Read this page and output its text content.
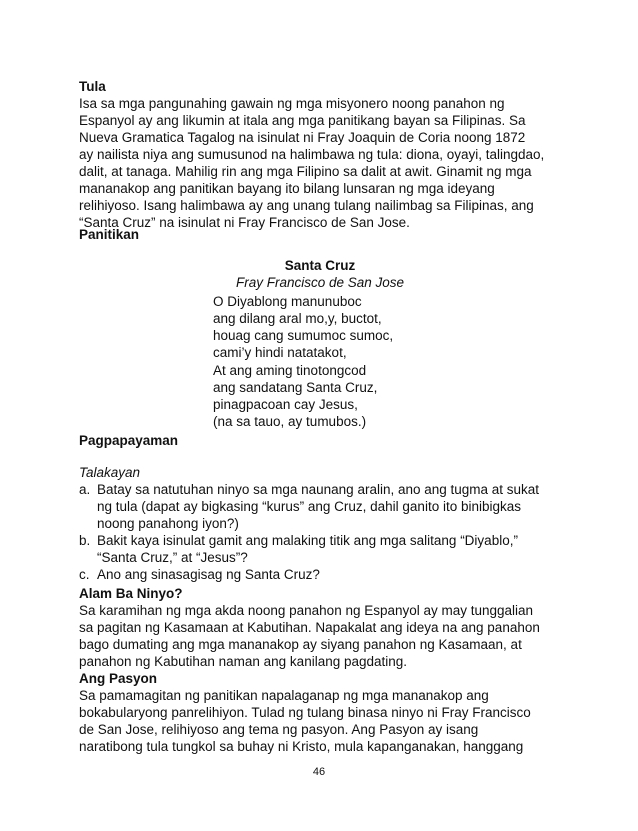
Tula
Isa sa mga pangunahing gawain ng mga misyonero noong panahon ng
Espanyol ay ang likumin at itala ang mga panitikang bayan sa Filipinas. Sa
Nueva Gramatica Tagalog na isinulat ni Fray Joaquin de Coria noong 1872
ay nailista niya ang sumusunod na halimbawa ng tula: diona, oyayi, talingdao,
dalit, at tanaga. Mahilig rin ang mga Filipino sa dalit at awit. Ginamit ng mga
mananakop ang panitikan bayang ito bilang lunsaran ng mga ideyang
relihiyoso. Isang halimbawa ay ang unang tulang nailimbag sa Filipinas, ang
“Santa Cruz” na isinulat ni Fray Francisco de San Jose.
Panitikan
Santa Cruz
Fray Francisco de San Jose
O Diyablong manunuboc
ang dilang aral mo,y, buctot,
houag cang sumumoc sumoc,
cami’y hindi natatakot,
At ang aming tinotongcod
ang sandatang Santa Cruz,
pinagpacoan cay Jesus,
(na sa tauo, ay tumubos.)
Pagpapayaman
Talakayan
a. Batay sa natutuhan ninyo sa mga naunang aralin, ano ang tugma at sukat
ng tula (dapat ay bigkasing “kurus” ang Cruz, dahil ganito ito binibigkas
noong panahong iyon?)
b. Bakit kaya isinulat gamit ang malaking titik ang mga salitang “Diyablo,”
“Santa Cruz,” at “Jesus”?
c. Ano ang sinasagisag ng Santa Cruz?
Alam Ba Ninyo?
Sa karamihan ng mga akda noong panahon ng Espanyol ay may tunggalian
sa pagitan ng Kasamaan at Kabutihan. Napakalat ang ideya na ang panahon
bago dumating ang mga mananakop ay siyang panahon ng Kasamaan, at
panahon ng Kabutihan naman ang kanilang pagdating.
Ang Pasyon
Sa pamamagitan ng panitikan napalaganap ng mga mananakop ang
bokabularyong panrelihiyon. Tulad ng tulang binasa ninyo ni Fray Francisco
de San Jose, relihiyoso ang tema ng pasyon. Ang Pasyon ay isang
naratibong tula tungkol sa buhay ni Kristo, mula kapanganakan, hanggang
46
